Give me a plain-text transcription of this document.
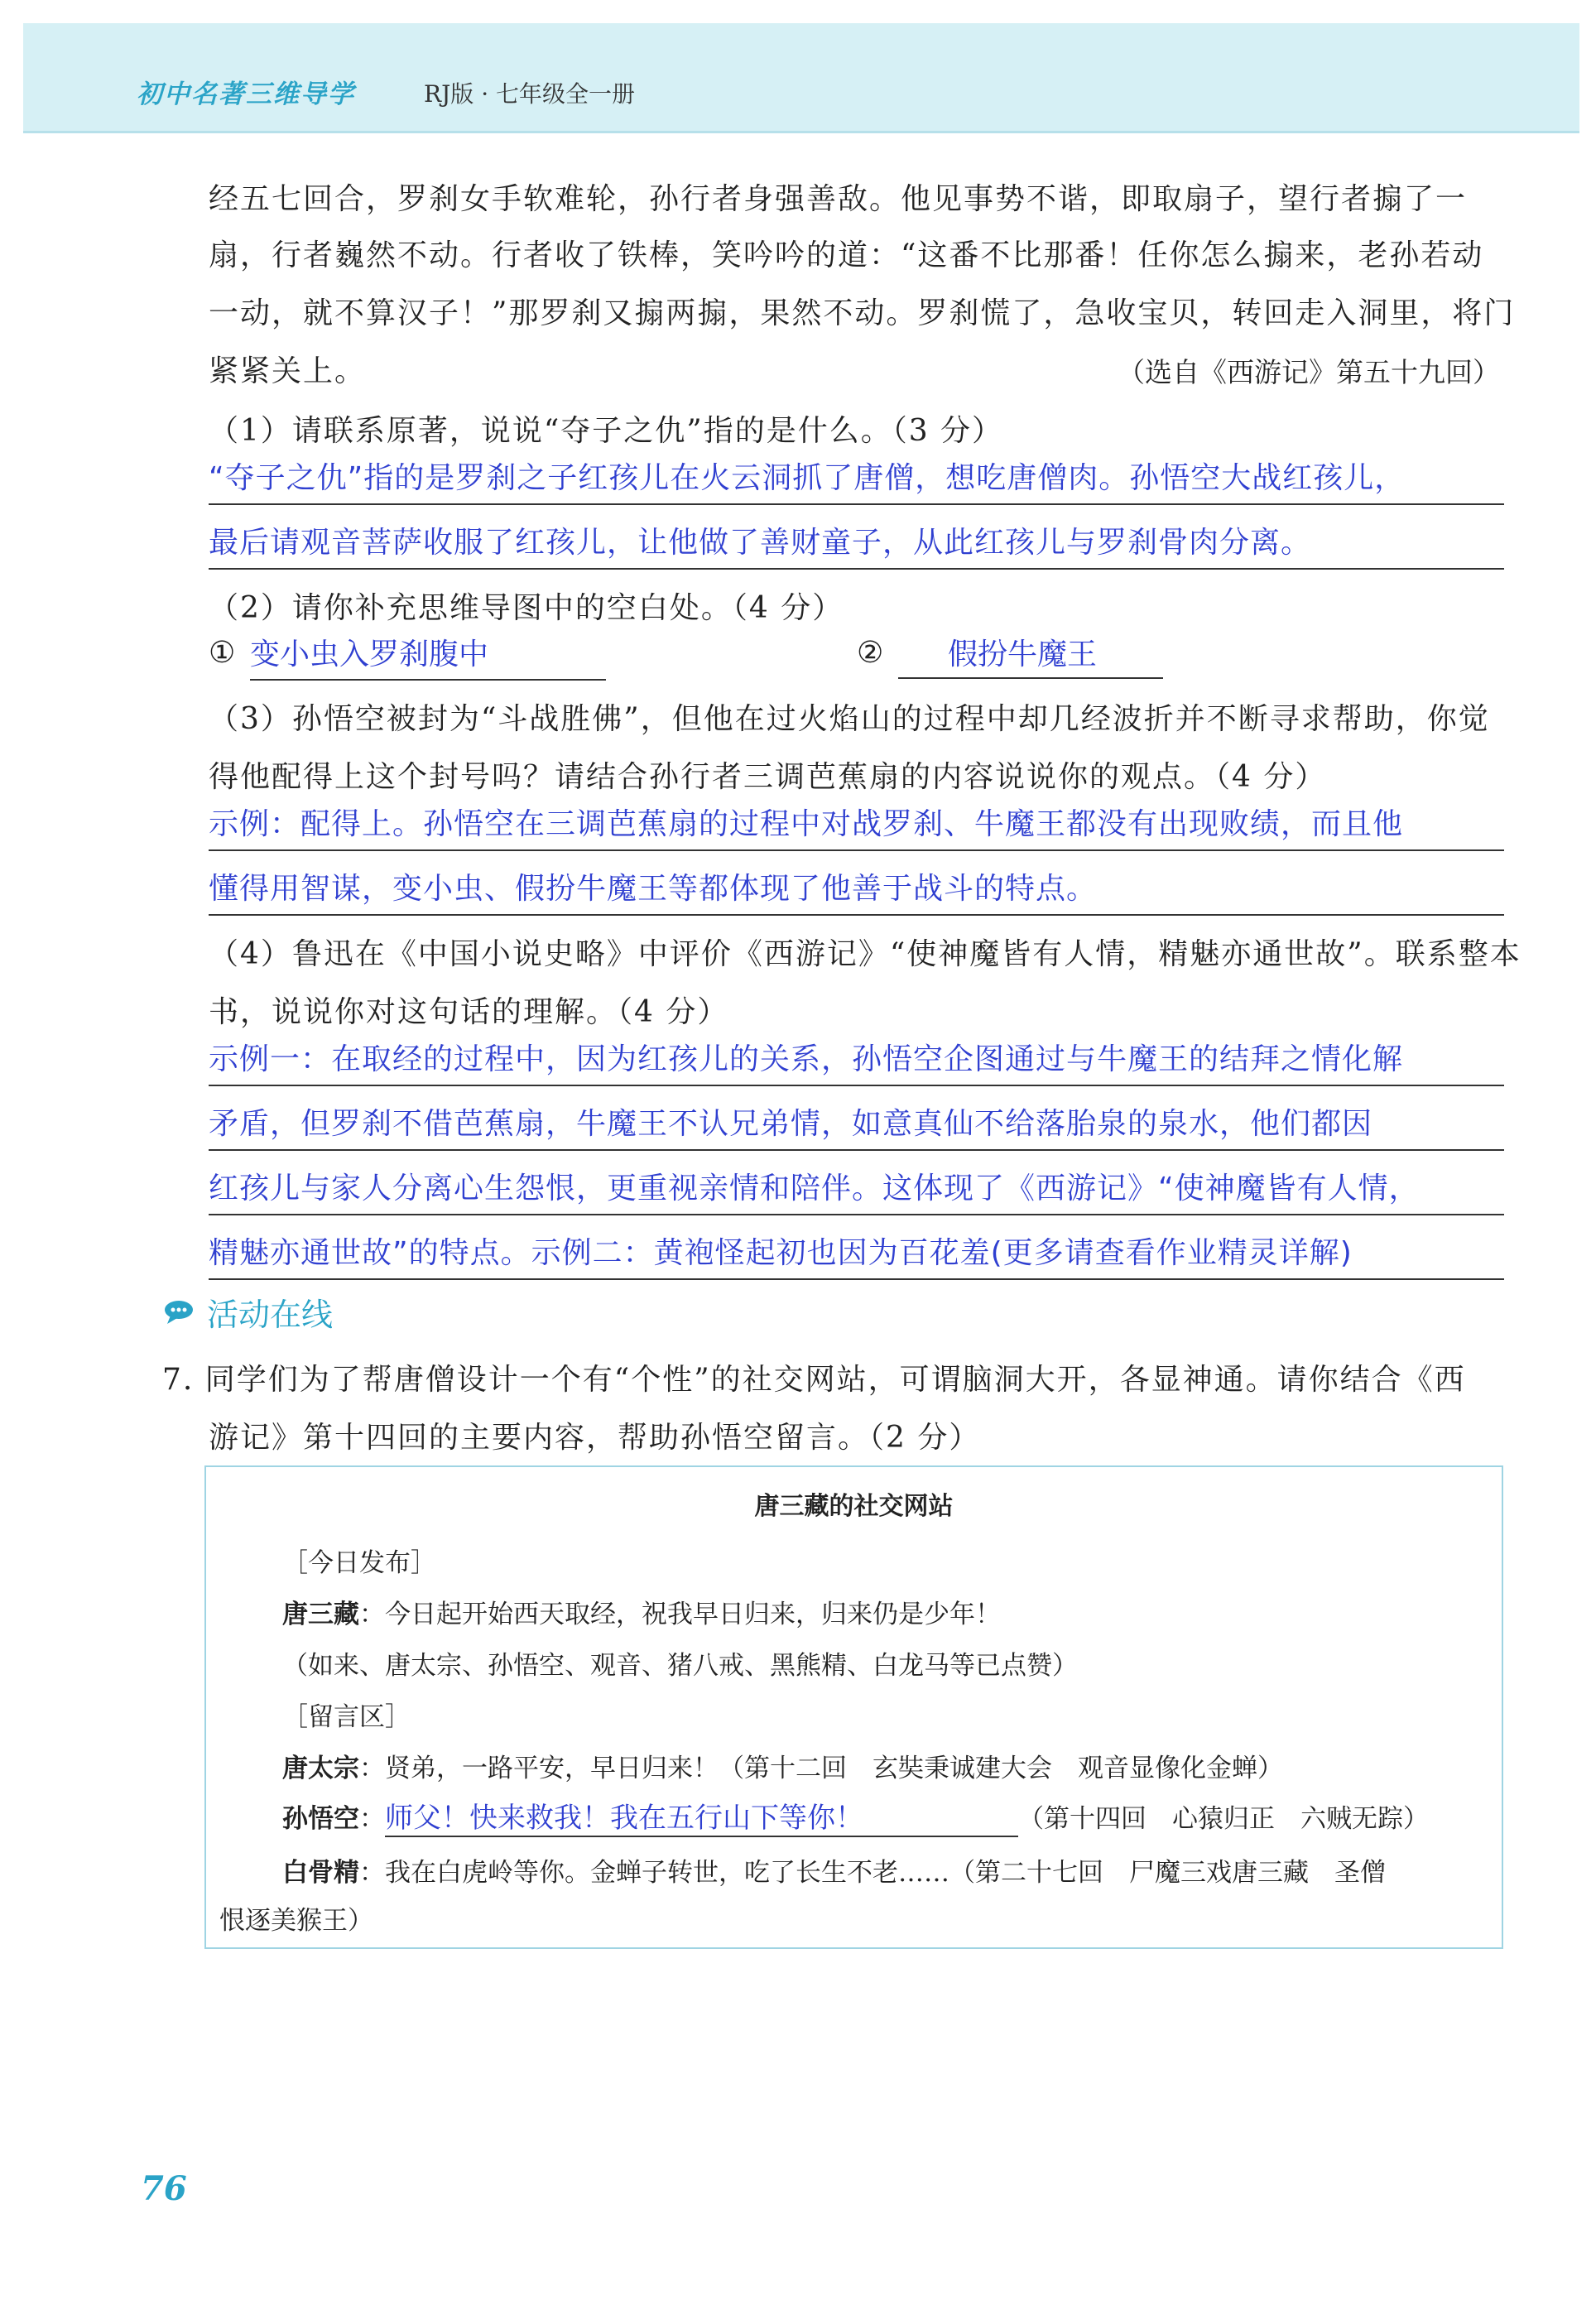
初中名著三维导学	RJ版 · 七年级全一册
经五七回合，罗刹女手软难轮，孙行者身强善敌。他见事势不谐，即取扇子，望行者搧了一
扇，行者巍然不动。行者收了铁棒，笑吟吟的道：“这番不比那番！任你怎么搧来，老孙若动
一动，就不算汉子！”那罗刹又搧两搧，果然不动。罗刹慌了，急收宝贝，转回走入洞里，将门
紧紧关上。	（选自《西游记》第五十九回）
（1）请联系原著，说说“夺子之仇”指的是什么。（3 分）
“夺子之仇”指的是罗刹之子红孩儿在火云洞抓了唐僧，想吃唐僧肉。孙悟空大战红孩儿，
最后请观音菩萨收服了红孩儿，让他做了善财童子，从此红孩儿与罗刹骨肉分离。
（2）请你补充思维导图中的空白处。（4 分）
① 变小虫入罗刹腹中	②	假扮牛魔王
（3）孙悟空被封为“斗战胜佛”，但他在过火焰山的过程中却几经波折并不断寻求帮助，你觉
得他配得上这个封号吗？请结合孙行者三调芭蕉扇的内容说说你的观点。（4 分）
示例：配得上。孙悟空在三调芭蕉扇的过程中对战罗刹、牛魔王都没有出现败绩，而且他
懂得用智谋，变小虫、假扮牛魔王等都体现了他善于战斗的特点。
（4）鲁迅在《中国小说史略》中评价《西游记》“使神魔皆有人情，精魅亦通世故”。联系整本
书，说说你对这句话的理解。（4 分）
示例一：在取经的过程中，因为红孩儿的关系，孙悟空企图通过与牛魔王的结拜之情化解
矛盾，但罗刹不借芭蕉扇，牛魔王不认兄弟情，如意真仙不给落胎泉的泉水，他们都因
红孩儿与家人分离心生怨恨，更重视亲情和陪伴。这体现了《西游记》“使神魔皆有人情，
精魅亦通世故”的特点。示例二：黄袍怪起初也因为百花羞(更多请查看作业精灵详解)
活动在线
7. 同学们为了帮唐僧设计一个有“个性”的社交网站，可谓脑洞大开，各显神通。请你结合《西
游记》第十四回的主要内容，帮助孙悟空留言。（2 分）
唐三藏的社交网站
［今日发布］
唐三藏：今日起开始西天取经，祝我早日归来，归来仍是少年！
（如来、唐太宗、孙悟空、观音、猪八戒、黑熊精、白龙马等已点赞）
［留言区］
唐太宗：贤弟，一路平安，早日归来！（第十二回　玄奘秉诚建大会　观音显像化金蝉）
孙悟空：师父！快来救我！我在五行山下等你！	（第十四回　心猿归正　六贼无踪）
白骨精：我在白虎岭等你。金蝉子转世，吃了长生不老……（第二十七回　尸魔三戏唐三藏　圣僧
恨逐美猴王）
76
